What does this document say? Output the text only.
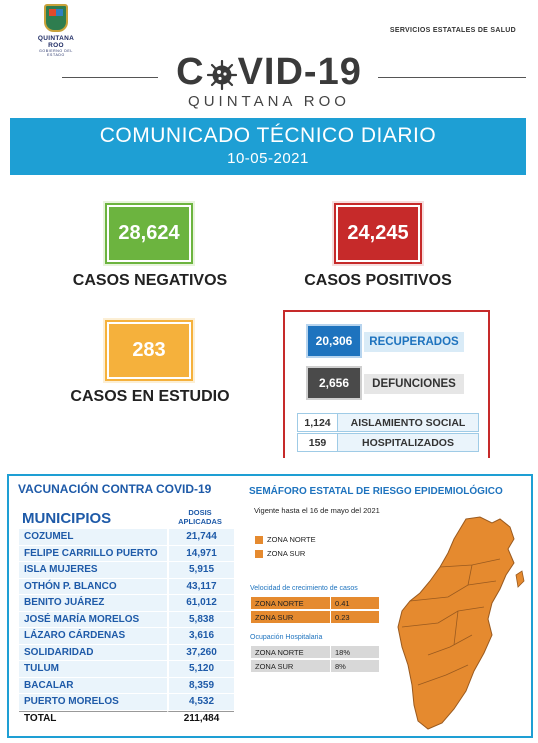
QUINTANA ROO
GOBIERNO DEL ESTADO
SERVICIOS ESTATALES DE SALUD
C VID-19
QUINTANA ROO
COMUNICADO TÉCNICO DIARIO
10-05-2021
28,624
CASOS NEGATIVOS
24,245
CASOS POSITIVOS
283
CASOS EN ESTUDIO
20,306	RECUPERADOS
2,656	DEFUNCIONES
1,124	AISLAMIENTO SOCIAL
159	HOSPITALIZADOS
VACUNACIÓN CONTRA COVID-19
MUNICIPIOS	DOSIS APLICADAS
COZUMEL	21,744
FELIPE CARRILLO PUERTO	14,971
ISLA MUJERES	5,915
OTHÓN P. BLANCO	43,117
BENITO JUÁREZ	61,012
JOSÉ MARÍA MORELOS	5,838
LÁZARO CÁRDENAS	3,616
SOLIDARIDAD	37,260
TULUM	5,120
BACALAR	8,359
PUERTO MORELOS	4,532
TOTAL	211,484
SEMÁFORO ESTATAL DE RIESGO EPIDEMIOLÓGICO
Vigente hasta el 16 de mayo del 2021
ZONA NORTE
ZONA SUR
Velocidad de crecimiento de casos
ZONA NORTE	0.41
ZONA SUR	0.23
Ocupación Hospitalaria
ZONA NORTE	18%
ZONA SUR	8%
